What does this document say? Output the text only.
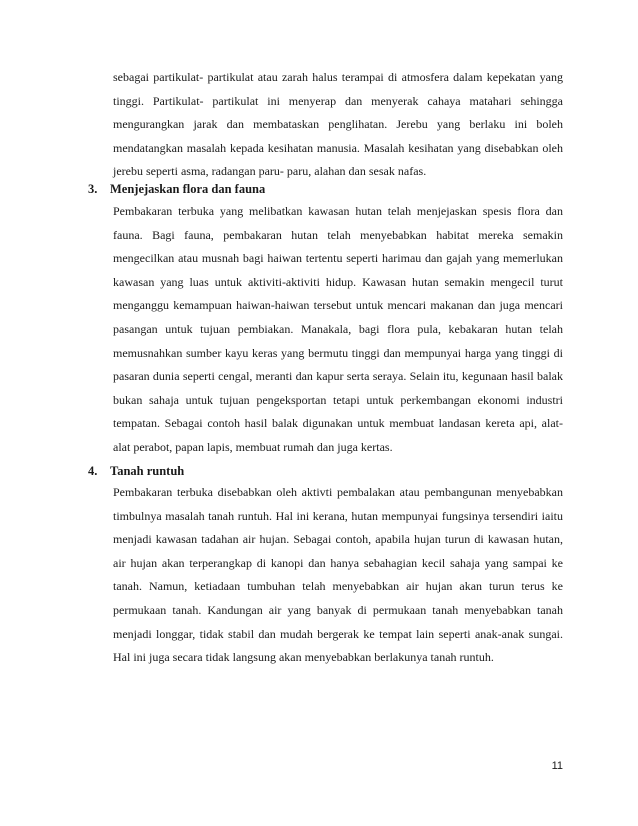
sebagai partikulat- partikulat atau zarah halus terampai di atmosfera dalam kepekatan yang tinggi. Partikulat- partikulat ini menyerap dan menyerak cahaya matahari sehingga mengurangkan jarak dan membataskan penglihatan. Jerebu yang berlaku ini boleh mendatangkan masalah kepada kesihatan manusia. Masalah kesihatan yang disebabkan oleh jerebu seperti asma, radangan paru- paru, alahan dan sesak nafas.

3. Menjejaskan flora dan fauna

Pembakaran terbuka yang melibatkan kawasan hutan telah menjejaskan spesis flora dan fauna. Bagi fauna, pembakaran hutan telah menyebabkan habitat mereka semakin mengecilkan atau musnah bagi haiwan tertentu seperti harimau dan gajah yang memerlukan kawasan yang luas untuk aktiviti-aktiviti hidup. Kawasan hutan semakin mengecil turut menganggu kemampuan haiwan-haiwan tersebut untuk mencari makanan dan juga mencari pasangan untuk tujuan pembiakan. Manakala, bagi flora pula, kebakaran hutan telah memusnahkan sumber kayu keras yang bermutu tinggi dan mempunyai harga yang tinggi di pasaran dunia seperti cengal, meranti dan kapur serta seraya. Selain itu, kegunaan hasil balak bukan sahaja untuk tujuan pengeksportan tetapi untuk perkembangan ekonomi industri tempatan. Sebagai contoh hasil balak digunakan untuk membuat landasan kereta api, alat- alat perabot, papan lapis, membuat rumah dan juga kertas.

4. Tanah runtuh

Pembakaran terbuka disebabkan oleh aktivti pembalakan atau pembangunan menyebabkan timbulnya masalah tanah runtuh. Hal ini kerana, hutan mempunyai fungsinya tersendiri iaitu menjadi kawasan tadahan air hujan. Sebagai contoh, apabila hujan turun di kawasan hutan, air hujan akan terperangkap di kanopi dan hanya sebahagian kecil sahaja yang sampai ke tanah. Namun, ketiadaan tumbuhan telah menyebabkan air hujan akan turun terus ke permukaan tanah. Kandungan air yang banyak di permukaan tanah menyebabkan tanah menjadi longgar, tidak stabil dan mudah bergerak ke tempat lain seperti anak-anak sungai. Hal ini juga secara tidak langsung akan menyebabkan berlakunya tanah runtuh.

11
